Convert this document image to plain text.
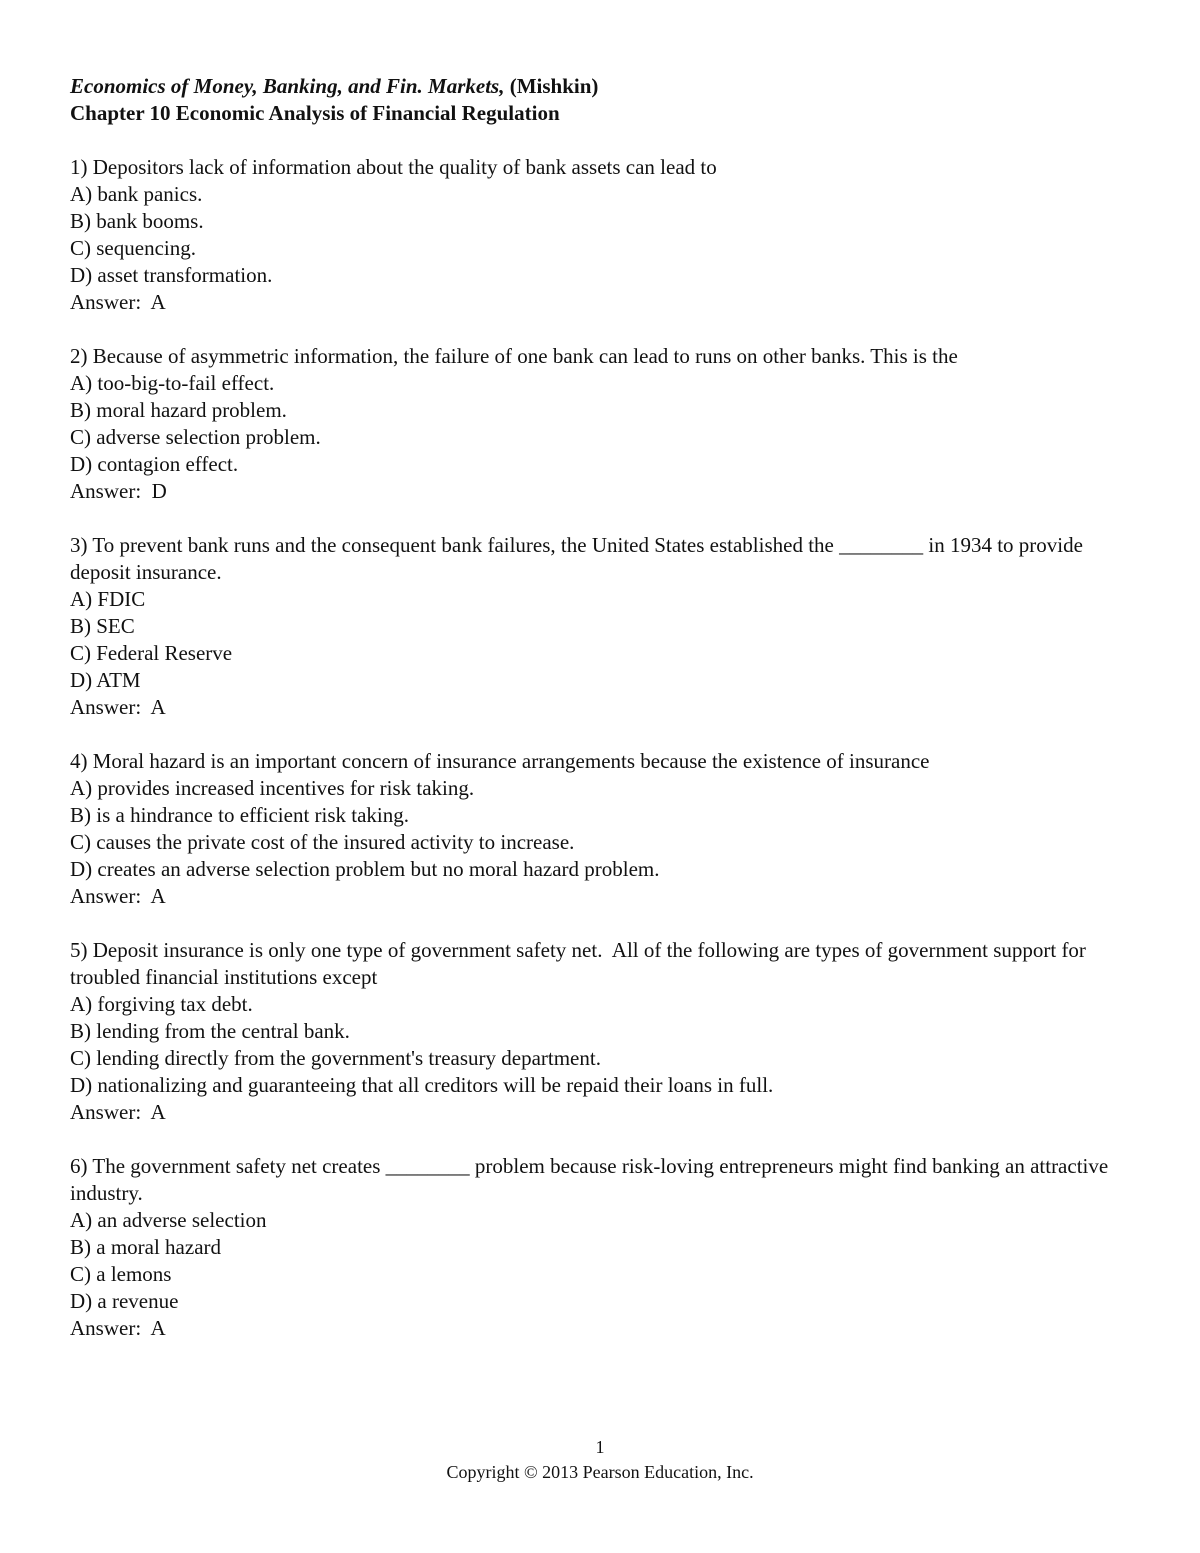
Economics of Money, Banking, and Fin. Markets, (Mishkin)
Chapter 10 Economic Analysis of Financial Regulation
1) Depositors lack of information about the quality of bank assets can lead to
A) bank panics.
B) bank booms.
C) sequencing.
D) asset transformation.
Answer:  A
2) Because of asymmetric information, the failure of one bank can lead to runs on other banks. This is the
A) too-big-to-fail effect.
B) moral hazard problem.
C) adverse selection problem.
D) contagion effect.
Answer:  D
3) To prevent bank runs and the consequent bank failures, the United States established the ________ in 1934 to provide deposit insurance.
A) FDIC
B) SEC
C) Federal Reserve
D) ATM
Answer:  A
4) Moral hazard is an important concern of insurance arrangements because the existence of insurance
A) provides increased incentives for risk taking.
B) is a hindrance to efficient risk taking.
C) causes the private cost of the insured activity to increase.
D) creates an adverse selection problem but no moral hazard problem.
Answer:  A
5) Deposit insurance is only one type of government safety net.  All of the following are types of government support for troubled financial institutions except
A) forgiving tax debt.
B) lending from the central bank.
C) lending directly from the government's treasury department.
D) nationalizing and guaranteeing that all creditors will be repaid their loans in full.
Answer:  A
6) The government safety net creates ________ problem because risk-loving entrepreneurs might find banking an attractive industry.
A) an adverse selection
B) a moral hazard
C) a lemons
D) a revenue
Answer:  A
1
Copyright © 2013 Pearson Education, Inc.
